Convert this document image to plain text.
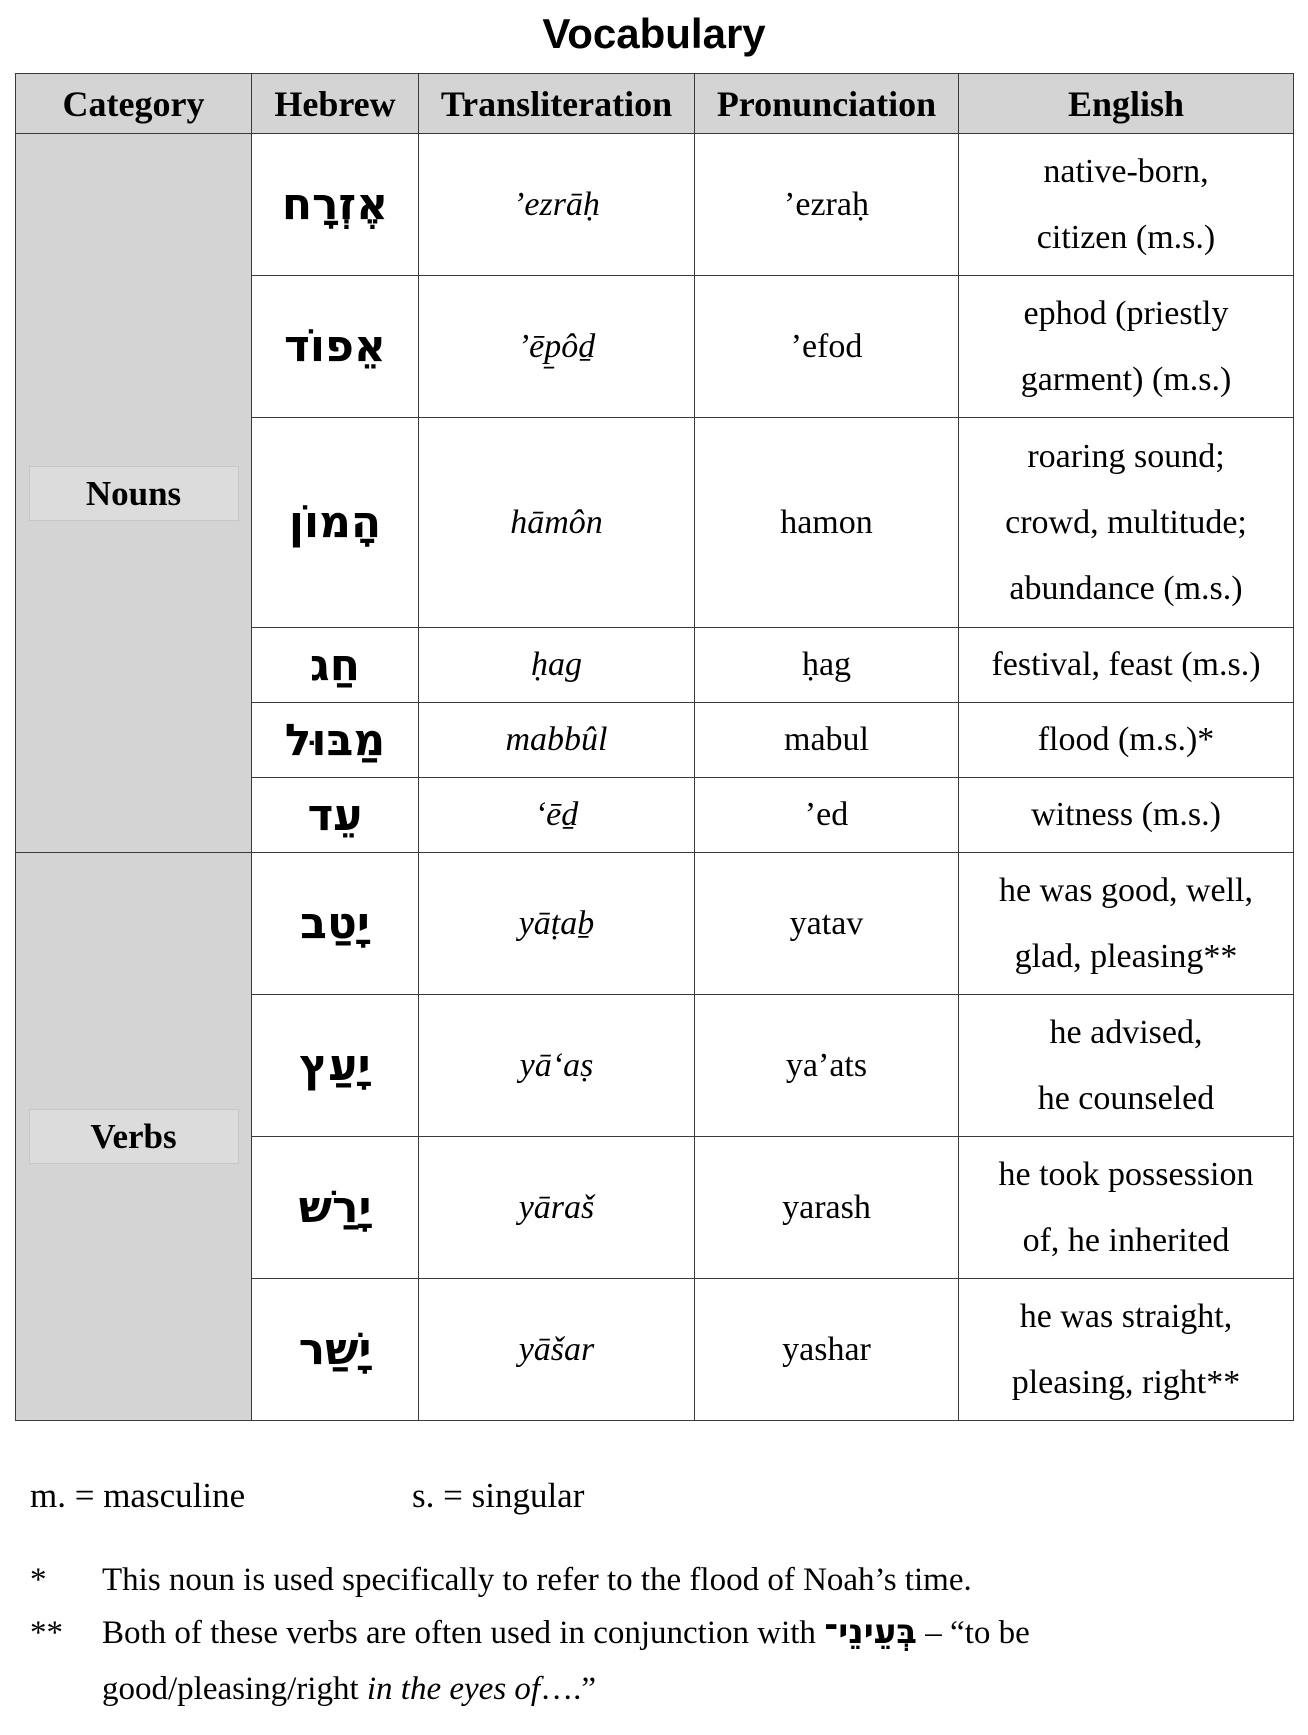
Vocabulary
Category	Hebrew	Transliteration	Pronunciation	English

Nouns	אֶזְרָח	’ezrāḥ	’ezraḥ	native-born,
citizen (m.s.)
	אֵפוֹד	’ēp̱ôḏ	’efod	ephod (priestly
garment) (m.s.)
	הָמוֹן	hāmôn	hamon	roaring sound;
crowd, multitude;
abundance (m.s.)
	חַג	ḥag	ḥag	festival, feast (m.s.)
	מַבּוּל	mabbûl	mabul	flood (m.s.)*
	עֵד	‘ēḏ	’ed	witness (m.s.)

Verbs	יָטַב	yāṭaḇ	yatav	he was good, well,
glad, pleasing**
	יָעַץ	yā‘aṣ	ya’ats	he advised,
he counseled
	יָרַשׁ	yāraš	yarash	he took possession
of, he inherited
	יָשַׁר	yāšar	yashar	he was straight,
pleasing, right**
m. = masculine	s. = singular
* This noun is used specifically to refer to the flood of Noah’s time.
** Both of these verbs are often used in conjunction with בְּעֵינֵי־ – “to be good/pleasing/right in the eyes of….”
